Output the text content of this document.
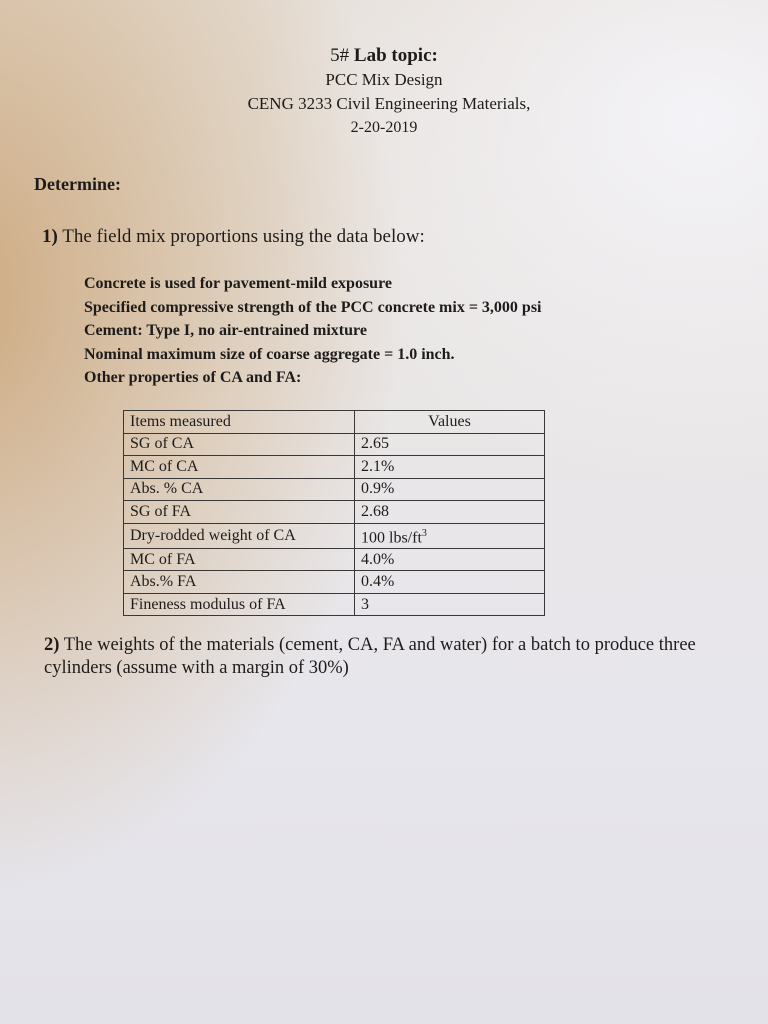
5# Lab topic:
PCC Mix Design
CENG 3233 Civil Engineering Materials,
2-20-2019
Determine:
1) The field mix proportions using the data below:
Concrete is used for pavement-mild exposure
Specified compressive strength of the PCC concrete mix = 3,000 psi
Cement: Type I, no air-entrained mixture
Nominal maximum size of coarse aggregate = 1.0 inch.
Other properties of CA and FA:
Items measured	Values
SG of CA	2.65
MC of CA	2.1%
Abs. % CA	0.9%
SG of FA	2.68
Dry-rodded weight of CA	100 lbs/$ft^3$
MC of FA	4.0%
Abs.% FA	0.4%
Fineness modulus of FA	3
2) The weights of the materials (cement, CA, FA and water) for a batch to produce three cylinders (assume with a margin of 30%)
